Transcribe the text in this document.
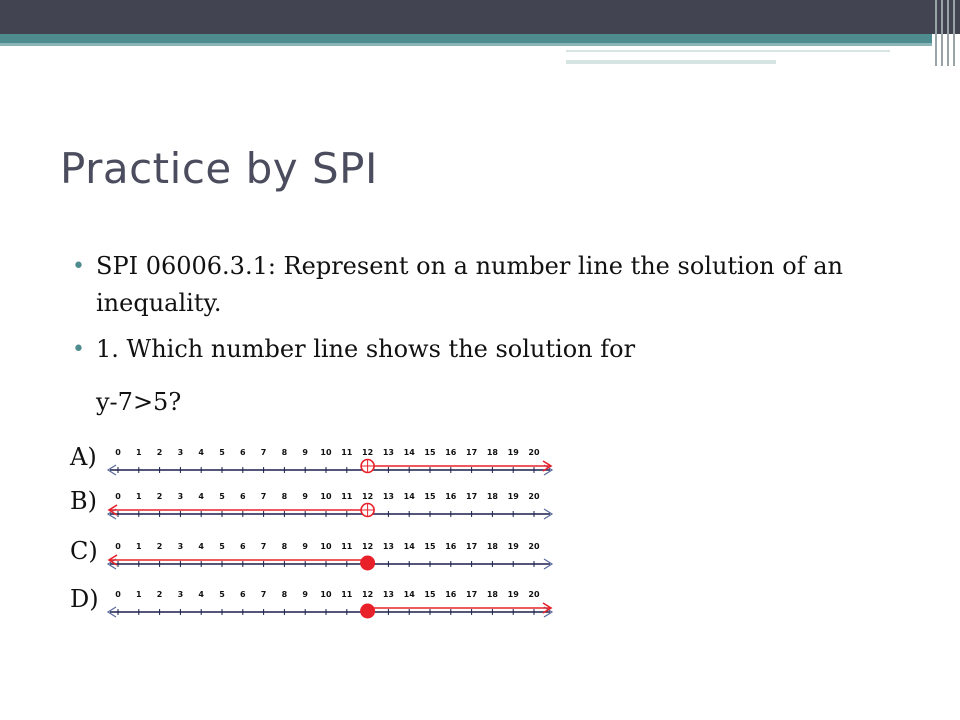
Practice by SPI
• SPI 06006.3.1: Represent on a number line the solution of an inequality.
• 1. Which number line shows the solution for
y-7>5?
A) 0 1 2 3 4 5 6 7 8 9 10 11 12 13 14 15 16 17 18 19 20
B) 0 1 2 3 4 5 6 7 8 9 10 11 12 13 14 15 16 17 18 19 20
C) 0 1 2 3 4 5 6 7 8 9 10 11 12 13 14 15 16 17 18 19 20
D) 0 1 2 3 4 5 6 7 8 9 10 11 12 13 14 15 16 17 18 19 20
